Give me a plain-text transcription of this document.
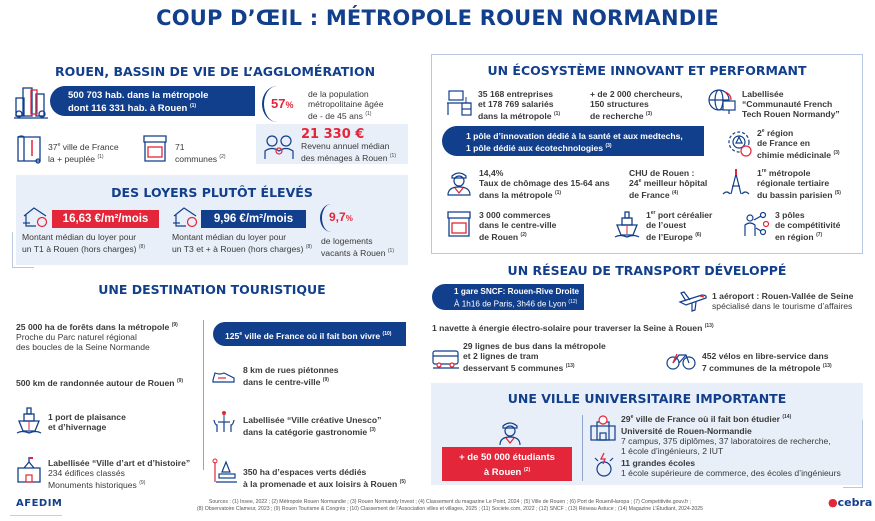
COUP D’ŒIL : MÉTROPOLE ROUEN NORMANDIE
ROUEN, BASSIN DE VIE DE L’AGGLOMÉRATION
500 703 hab. dans la métropole
dont 116 331 hab. à Rouen $^{(1)}$	57%
de la population
métropolitaine âgée
de - de 45 ans $^{(1)}$
37e ville de France
la + peuplée $^{(1)}$
71
communes $^{(2)}$
21 330 €
Revenu annuel médian
des ménages à Rouen $^{(1)}$
DES LOYERS PLUTÔT ÉLEVÉS
16,63 €/m²/mois
Montant médian du loyer pour
un T1 à Rouen (hors charges) $^{(8)}$
9,96 €/m²/mois
Montant médian du loyer pour
un T3 et + à Rouen (hors charges) $^{(8)}$
9,7%
de logements
vacants à Rouen $^{(1)}$
UNE DESTINATION TOURISTIQUE
25 000 ha de forêts dans la métropole $^{(9)}$
Proche du Parc naturel régional
des boucles de la Seine Normande
500 km de randonnée autour de Rouen $^{(9)}$
1 port de plaisance
et d’hivernage
Labellisée “Ville d’art et d’histoire”
234 édifices classés
Monuments historiques $^{(9)}$
125e ville de France où il fait bon vivre $^{(10)}$
8 km de rues piétonnes
dans le centre-ville $^{(9)}$
Labellisée “Ville créative Unesco”
dans la catégorie gastronomie $^{(3)}$
350 ha d’espaces verts dédiés
à la promenade et aux loisirs à Rouen $^{(5)}$
UN ÉCOSYSTÈME INNOVANT ET PERFORMANT
35 168 entreprises
et 178 769 salariés
dans la métropole $^{(1)}$
+ de 2 000 chercheurs,
150 structures
de recherche $^{(3)}$
Labellisée
“Communauté French
Tech Rouen Normandy”
1 pôle d’innovation dédié à la santé et aux medtechs,
1 pôle dédié aux écotechnologies $^{(3)}$
2e région
de France en
chimie médicinale $^{(3)}$
14,4%
Taux de chômage des 15-64 ans
dans la métropole $^{(1)}$
CHU de Rouen :
24e meilleur hôpital
de France $^{(4)}$
1re métropole
régionale tertiaire
du bassin parisien $^{(5)}$
3 000 commerces
dans le centre-ville
de Rouen $^{(2)}$
1er port céréalier
de l’ouest
de l’Europe $^{(6)}$
3 pôles
de compétitivité
en région $^{(7)}$
UN RÉSEAU DE TRANSPORT DÉVELOPPÉ
1 gare SNCF: Rouen-Rive Droite
À 1h16 de Paris, 3h46 de Lyon $^{(12)}$
1 aéroport : Rouen-Vallée de Seine
spécialisé dans le tourisme d’affaires
1 navette à énergie électro-solaire pour traverser la Seine à Rouen $^{(13)}$
29 lignes de bus dans la métropole
et 2 lignes de tram
desservant 5 communes $^{(13)}$
452 vélos en libre-service dans
7 communes de la métropole $^{(13)}$
UNE VILLE UNIVERSITAIRE IMPORTANTE
+ de 50 000 étudiants
à Rouen $^{(2)}$
29e ville de France où il fait bon étudier $^{(14)}$
Université de Rouen-Normandie
7 campus, 375 diplômes, 37 laboratoires de recherche,
1 école d’ingénieurs, 2 IUT
11 grandes écoles
1 école supérieure de commerce, des écoles d’ingénieurs
AFEDIM	Sources : (1) Insee, 2022 ; (2) Métropole Rouen Normandie ; (3) Rouen Normandy Invest ; (4) Classement du magazine Le Point, 2024 ; (5) Ville de Rouen ; (6) Port de Rouen/Haropa ; (7) Competitivite.gouv.fr ;
(8) Observatoire Clameur, 2023 ; (9) Rouen Tourisme & Congrès ; (10) Classement de l’Association villes et villages, 2025 ; (11) Societe.com, 2022 ; (12) SNCF ; (13) Réseau Astuce ; (14) Magazine L’Étudiant, 2024-2025	●cebra
